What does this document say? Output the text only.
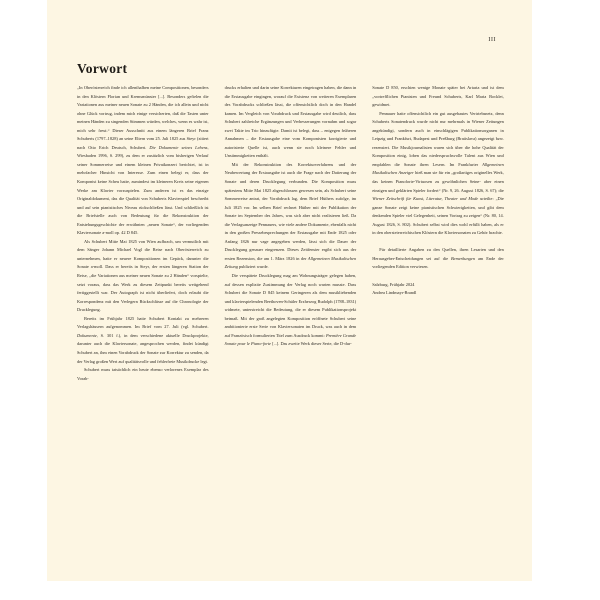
III
Vorwort

„In Oberösterreich finde ich allenthalben meine Compositionen, besonders in den Klöstern Florian und Kremsmünster [...]. Besonders gefielen die Variationen aus meiner neuen Sonate zu 2 Händen, die ich allein und nicht ohne Glück vortrug, indem mich einige versicherten, daß die Tasten unter meinen Händen zu singenden Stimmen würden, welches, wenn es wahr ist, mich sehr freut.“ Dieser Ausschnitt aus einem längeren Brief Franz Schuberts (1797–1828) an seine Eltern vom 25. Juli 1825 aus Steyr (zitiert nach Otto Erich Deutsch, Schubert. Die Dokumente seines Lebens, Wiesbaden 1996, S. 299), zu dem er zusätzlich vom bisherigen Verlauf seiner Sommerreise und einem kleinen Privatkonzert berichtet, ist in mehrfacher Hinsicht von Interesse. Zum einen belegt er, dass der Komponist keine Scheu hatte, zumindest im kleineren Kreis seine eigenen Werke am Klavier vorzuspielen. Zum anderen ist es das einzige Originaldokument, das die Qualität von Schuberts Klavierspiel beschreibt und auf sein pianistisches Niveau rückschließen lässt. Und schließlich ist die Briefstelle auch von Bedeutung für die Rekonstruktion der Entstehungsgeschichte der erwähnten „neuen Sonate“, der vorliegenden Klaviersonate a-moll op. 42 D 845.

Als Schubert Mitte Mai 1825 von Wien aufbrach, um vermutlich mit dem Sänger Johann Michael Vogl die Reise nach Oberösterreich zu unternehmen, hatte er neuere Kompositionen im Gepäck, darunter die Sonate a-moll. Dass er bereits in Steyr, der ersten längeren Station der Reise, „die Variationen aus meiner neuen Sonate zu 2 Händen“ vorspielte, setzt voraus, dass das Werk zu diesem Zeitpunkt bereits weitgehend fertiggestellt war. Der Autograph ist nicht überliefert, doch erlaubt die Korrespondenz mit den Verlegern Rückschlüsse auf die Chronologie der Drucklegung.

Bereits im Frühjahr 1825 hatte Schubert Kontakt zu mehreren Verlagshäusern aufgenommen. Im Brief vom 27. Juli (vgl. Schubert. Dokumente, S. 301 f.), in dem verschiedene aktuelle Druckprojekte, darunter auch die Klaviersonate, angesprochen werden, findet kündigt Schubert an, ihm einen Vorabdruck der Sonate zur Korrektur zu senden, da der Verlag großen Wert auf qualitätsvolle und fehlerfreie Musikdrucke legt.

Schubert muss tatsächlich ein heute ebenso verlorenes Exemplar des Vorab-

drucks erhalten und darin seine Korrekturen eingetragen haben, die dann in die Erstausgabe eingingen, worauf die Existenz von weiteren Exemplaren des Vorabdrucks schließen lässt, die offensichtlich doch in den Handel kamen. Im Vergleich von Vorabdruck und Erstausgabe wird deutlich, dass Schubert zahlreiche Ergänzungen und Verbesserungen vornahm und sogar zwei Takte im Trio hinzufügte. Damit ist belegt, dass – entgegen früheren Annahmen – die Erstausgabe eine vom Komponisten korrigierte und autorisierte Quelle ist, auch wenn sie noch kleinere Fehler und Unstimmigkeiten enthält.

Mit der Rekonstruktion des Korrekturverfahrens und der Neubewertung der Erstausgabe ist auch die Frage nach der Datierung der Sonate und deren Drucklegung verbunden. Die Komposition muss spätestens Mitte Mai 1825 abgeschlossen gewesen sein, als Schubert seine Sommerreise antrat, der Vorabdruck lag, dem Brief Hüthers zufolge, im Juli 1825 vor. Im selben Brief rechnet Hüther mit der Publikation der Sonate im September des Jahres, was sich aber nicht realisieren ließ. Da die Verlagsanzeige Pennauers, wie viele andere Dokumente, ebenfalls nicht in den großen Pressebesprechungen der Erstausgabe mit Ende 1825 oder Anfang 1826 nur vage angegeben werden, lässt sich die Dauer der Drucklegung genauer eingrenzen. Dieses Zeitfenster ergibt sich aus der ersten Rezension, die am 1. März 1826 in der Allgemeinen Musikalischen Zeitung publiziert wurde.

Die verspätete Drucklegung mag am Wohnungsträger gelegen haben, auf dessen explizite Zustimmung der Verlag noch warten musste. Dass Schubert die Sonate D 845 keinem Geringeren als dem musikliebenden und klavierspielenden Beethoven-Schüler Erzherzog Rudolph (1788–1831) widmete, unterstreicht die Bedeutung, die er diesem Publikationsprojekt beimaß. Mit der groß angelegten Komposition eröffnete Schubert seine ambitionierte erste Serie von Klaviersonaten im Druck, was auch in dem auf Französisch formulierten Titel zum Ausdruck kommt: Première Grande Sonate pour le Piano-forte [...]. Das zweite Werk dieser Serie, die D-dur-

Sonate D 850, erschien wenige Monate später bei Artaria und ist dem „vortrefflichen Pianisten und Freund Schuberts, Karl Maria Bocklet, gewidmet.

Pennauer hatte offensichtlich ein gut ausgebautes Vertriebsnetz, denn Schuberts Sonatendruck wurde nicht nur mehrmals in Wiener Zeitungen angekündigt, sondern auch in einschlägigen Publikationsorganen in Leipzig und Frankfurt, Budapest und Preßburg (Bratislava) angezeigt bzw. rezensiert. Die Musikjournalisten waren sich über die hohe Qualität der Komposition einig, loben das niederspruchsvolle Talent aus Wien und empfahlen die Sonate ihren Lesern. Im Frankfurter Allgemeinen Musikalischen Anzeiger hieß man sie für ein „großartiges originelles Werk, das keinen Pianoforte-Virtuosen zu gewöhnlichen Seine- aber einen einzigen und geklärten Spieler fordert“ (Nr. 9, 26. August 1826, S. 67); die Wiener Zeitschrift für Kunst, Literatur, Theater und Mode urteilte: „Die ganze Sonate zeigt keine pianistischen Schwierigkeiten, und gibt dem denkenden Spieler viel Gelegenheit, seinen Vortrag zu zeigen“ (Nr. 80, 14. August 1826, S. 802). Schubert selbst wird dies wohl erfüllt haben, als er in den obersteierreichischen Klöstern die Klaviersonaten zu Gehör brachte.

Für detaillierte Angaben zu den Quellen, ihren Lesarten und den Herausgeber-Entscheidungen sei auf die Bemerkungen am Ende der vorliegenden Edition verwiesen.

Salzburg, Frühjahr 2024
Andrea Lindmayr-Brandl
